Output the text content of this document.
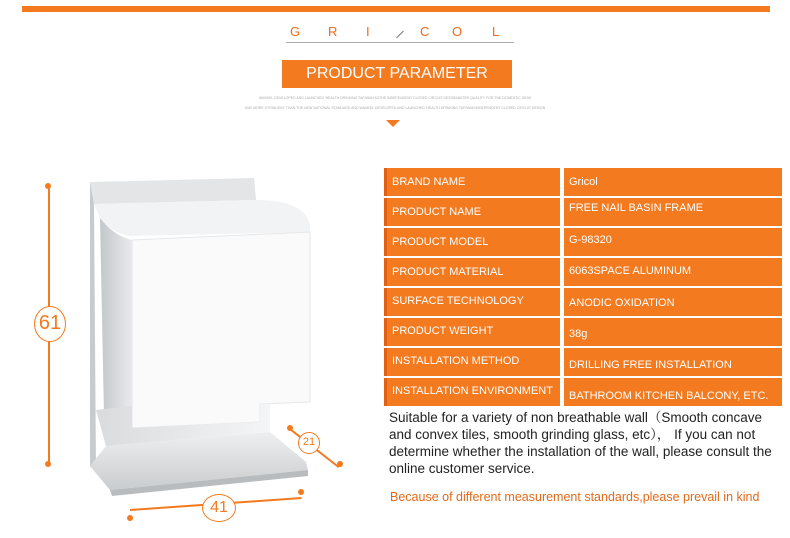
G R I	C O L
PRODUCT PARAMETER
WANKEL DEVELOPED AND LAUNCHED 'HEALTH DRINKING TAP/WAN KATHE INDEPENDENT CLOSED CIRCUIT DESIGNWATER QUALITY FOR THE DOMESTIC DESK
WAY MORE STRINGENT THAN THE NEW NATIONAL STANDARD AND WANKEL DEVELOPED AND LAUNCHED 'HEALTH DRINKING TAP/WAN INDEPENDENT CLOSED CIRCUIT DESIGN
61
41
21
BRAND NAME	Gricol
PRODUCT NAME	FREE NAIL BASIN FRAME
PRODUCT MODEL	G-98320
PRODUCT MATERIAL	6063SPACE ALUMINUM
SURFACE TECHNOLOGY	ANODIC OXIDATION
PRODUCT WEIGHT	38g
INSTALLATION METHOD	DRILLING FREE INSTALLATION
INSTALLATION ENVIRONMENT	BATHROOM KITCHEN BALCONY, ETC.
Suitable for a variety of non breathable wall（Smooth concave and convex tiles, smooth grinding glass, etc）， If you can not determine whether the installation of the wall, please consult the online customer service.
Because of different measurement standards,please prevail in kind
